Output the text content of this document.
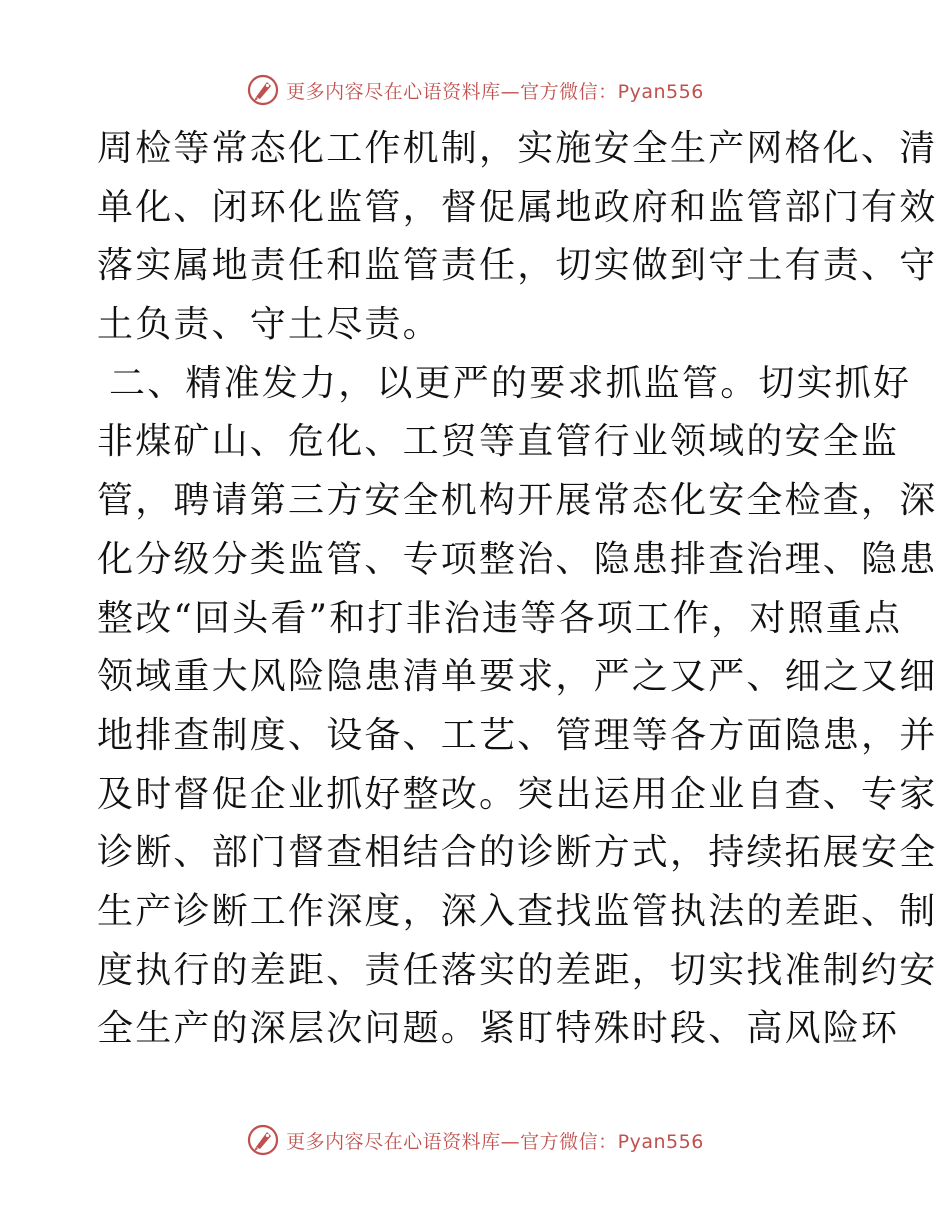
更多内容尽在心语资料库—官方微信：Pyan556
周检等常态化工作机制，实施安全生产网格化、清
单化、闭环化监管，督促属地政府和监管部门有效
落实属地责任和监管责任，切实做到守土有责、守
土负责、守土尽责。
二、精准发力，以更严的要求抓监管。切实抓好
非煤矿山、危化、工贸等直管行业领域的安全监
管，聘请第三方安全机构开展常态化安全检查，深
化分级分类监管、专项整治、隐患排查治理、隐患
整改“回头看”和打非治违等各项工作，对照重点
领域重大风险隐患清单要求，严之又严、细之又细
地排查制度、设备、工艺、管理等各方面隐患，并
及时督促企业抓好整改。突出运用企业自查、专家
诊断、部门督查相结合的诊断方式，持续拓展安全
生产诊断工作深度，深入查找监管执法的差距、制
度执行的差距、责任落实的差距，切实找准制约安
全生产的深层次问题。紧盯特殊时段、高风险环
更多内容尽在心语资料库—官方微信：Pyan556
